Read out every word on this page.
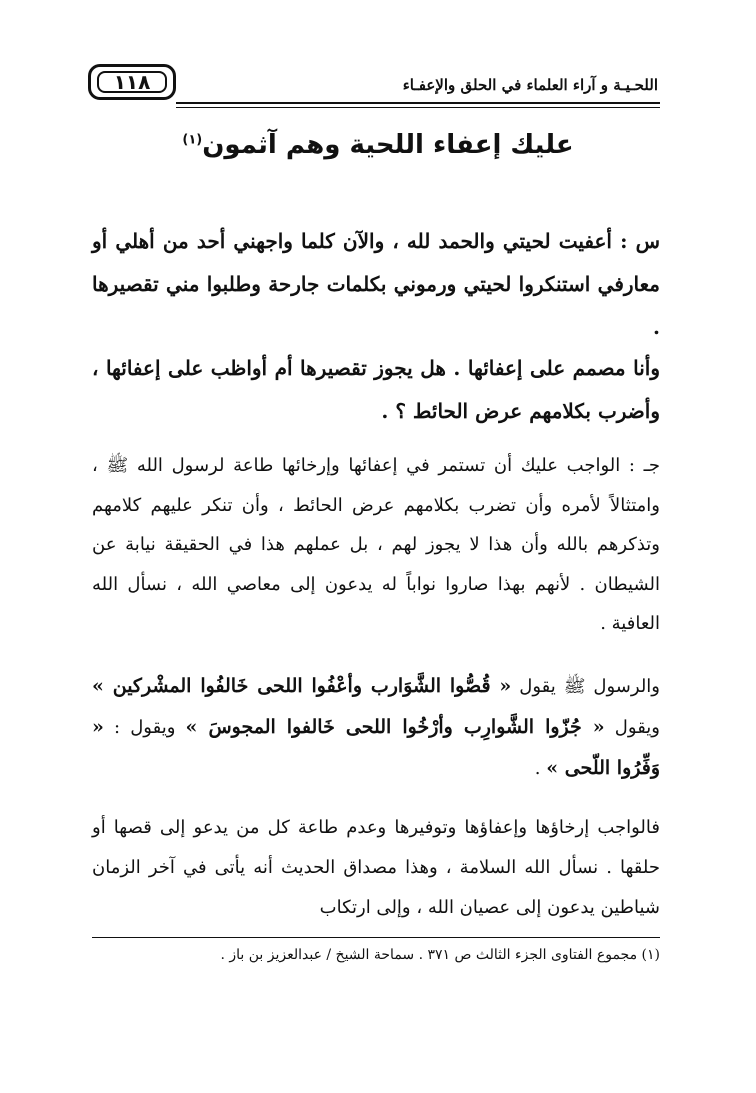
اللحـيـة و آراء العلماء في الحلق والإعفـاء
١١٨
عليك إعفاء اللحية وهم آثمون$^{(١)}$

س : أعفيت لحيتي والحمد لله ، والآن كلما واجهني أحد من أهلي أو معارفي استنكروا لحيتي ورموني بكلمات جارحة وطلبوا مني تقصيرها .

وأنا مصمم على إعفائها . هل يجوز تقصيرها أم أواظب على إعفائها ، وأضرب بكلامهم عرض الحائط ؟ .

جـ : الواجب عليك أن تستمر في إعفائها وإرخائها طاعة لرسول الله ﷺ ، وامتثالاً لأمره وأن تضرب بكلامهم عرض الحائط ، وأن تنكر عليهم كلامهم وتذكرهم بالله وأن هذا لا يجوز لهم ، بل عملهم هذا في الحقيقة نيابة عن الشيطان . لأنهم بهذا صاروا نواباً له يدعون إلى معاصي الله ، نسأل الله العافية .

والرسول ﷺ يقول « قُصُّوا الشَّوَارب وأعْفُوا اللحى خَالفُوا المشْركين » ويقول « جُزّوا الشَّوارِب وأرْخُوا اللحى خَالفوا المجوسَ » ويقول : « وَفِّرُوا اللّحى » .

فالواجب إرخاؤها وإعفاؤها وتوفيرها وعدم طاعة كل من يدعو إلى قصها أو حلقها . نسأل الله السلامة ، وهذا مصداق الحديث أنه يأتى في آخر الزمان شياطين يدعون إلى عصيان الله ، وإلى ارتكاب

(١) مجموع الفتاوى الجزء الثالث ص ٣٧١ . سماحة الشيخ / عبدالعزيز بن باز .
